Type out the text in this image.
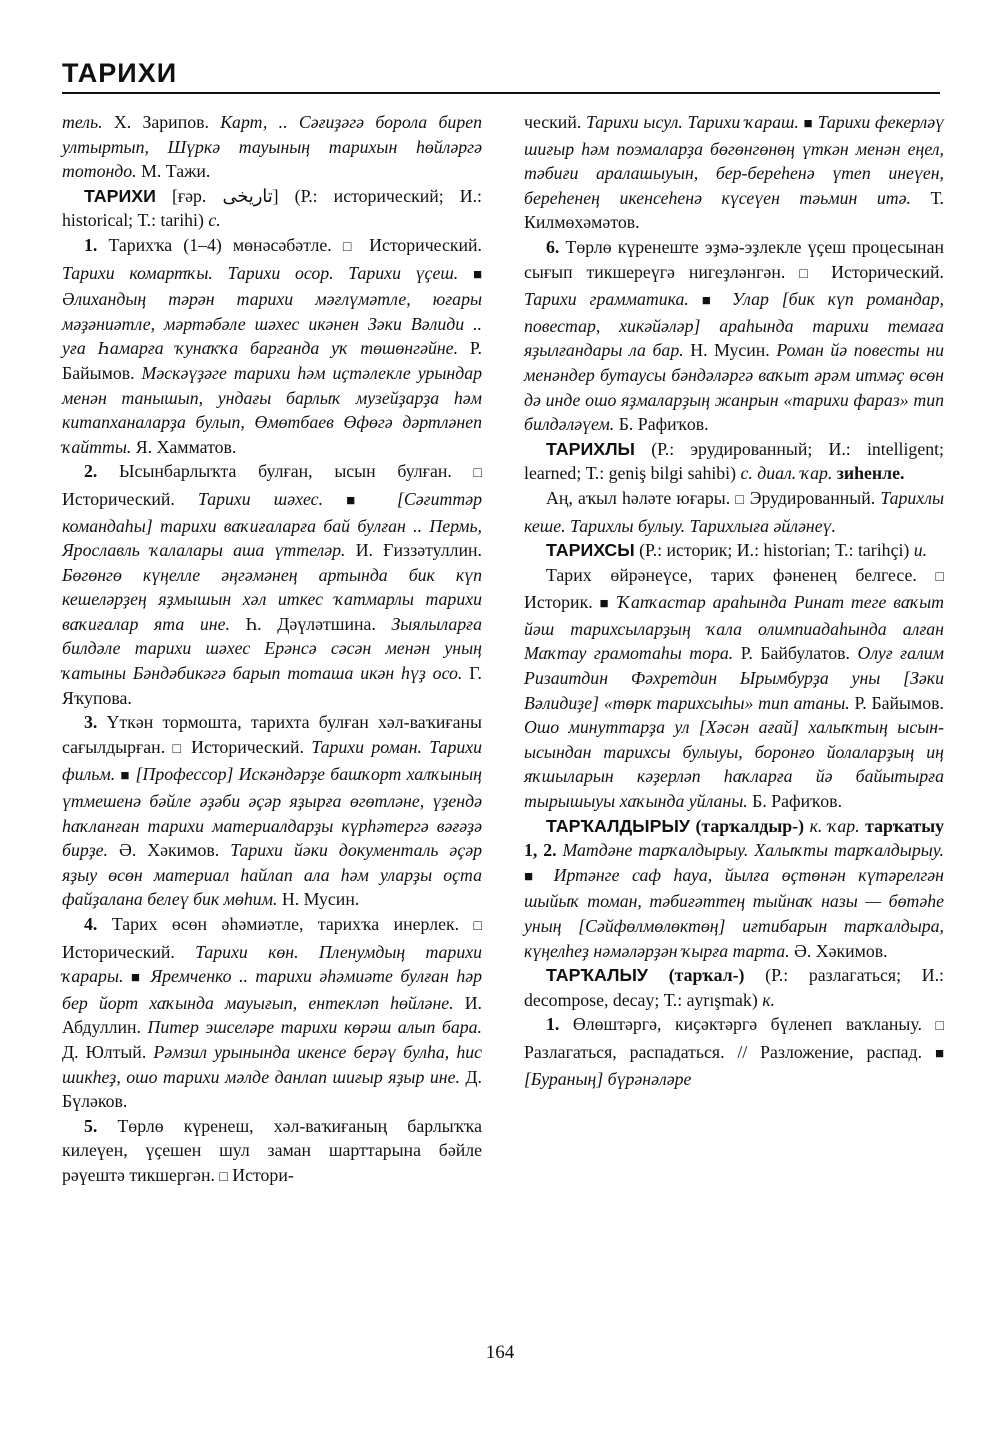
ТАРИХИ

тель. Х. Зарипов. Карт, .. Сәғиҙәгә борола биреп ултыртып, Шүркә тауының тарихын һөйләргә тотондо. М. Тажи.

ТАРИХИ [ғәр. تاريخى] (Р.: исторический; И.: historical; Т.: tarihi) с.

1. Тарихҡа (1–4) мөнәсәбәтле. □ Исторический. Тарихи комартҡы. Тарихи осор. Тарихи үҫеш. ■ Әлихандың тәрән тарихи мәғлүмәтле, юғары мәҙәниәтле, мәртәбәле шәхес икәнен Зәки Вәлиди .. уға Һамарға ҡунаҡҡа барғанда уҡ төшөнгәйне. Р. Байымов. Мәскәүҙәге тарихи һәм иҫтәлекле урындар менән танышып, ундағы барлыҡ музейҙарҙа һәм китапханаларҙа булып, Өмөтбаев Өфөгә дәртләнеп ҡайтты. Я. Хамматов.

2. Ысынбарлыҡта булған, ысын булған. □ Исторический. Тарихи шәхес. ■ [Сәғиттәр командаһы] тарихи ваҡиғаларға бай булған .. Пермь, Ярославль ҡалалары аша үттеләр. И. Ғиззәтуллин. Бөгөнгө күңелле әңгәмәнең артында бик күп кешеләрҙең яҙмышын хәл иткес ҡатмарлы тарихи ваҡиғалар ята ине. Һ. Дәүләтшина. Зыялыларға билдәле тарихи шәхес Ерәнсә сәсән менән уның ҡатыны Бәндәбикәгә барып тоташа икән һүҙ осо. Г. Яҡупова.

3. Үткән тормошта, тарихта булған хәл-ваҡиғаны сағылдырған. □ Исторический. Тарихи роман. Тарихи фильм. ■ [Профессор] Искәндәрҙе башҡорт халҡының үтмешенә бәйле әҙәби әҫәр яҙырға өгөтләне, үҙендә һаҡланған тарихи материалдарҙы күрһәтергә вәғәҙә бирҙе. Ә. Хәкимов. Тарихи йәки документаль әҫәр яҙыу өсөн материал һайлап ала һәм уларҙы оҫта файҙалана белеү бик мөһим. Н. Мусин.

4. Тарих өсөн әһәмиәтле, тарихҡа инерлек. □ Исторический. Тарихи көн. Пленумдың тарихи ҡарары. ■ Яремченко .. тарихи әһәмиәте булған һәр бер йорт хаҡында мауығып, ентекләп һөйләне. И. Абдуллин. Питер эшселәре тарихи көрәш алып бара. Д. Юлтый. Рәмзил урынында икенсе берәү булһа, һис шикһеҙ, ошо тарихи мәлде данлап шиғыр яҙыр ине. Д. Бүләков.

5. Төрлө күренеш, хәл-ваҡиғаның барлыҡҡа килеүен, үҫешен шул заман шарттарына бәйле рәүештә тикшергән. □ Истори-

ческий. Тарихи ысул. Тарихи ҡараш. ■ Тарихи фекерләү шиғыр һәм поэмаларҙа бөгөнгөнөң үткән менән еңел, тәбиғи аралашыуын, бер-береһенә үтеп инеүен, береһенең икенсеһенә күсеүен тәьмин итә. Т. Килмөхәмәтов.

6. Төрлө күренеште эҙмә-эҙлекле үҫеш процесынан сығып тикшереүгә нигеҙләнгән. □ Исторический. Тарихи грамматика. ■ Улар [бик күп романдар, повестар, хикәйәләр] араһында тарихи темаға яҙылғандары ла бар. Н. Мусин. Роман йә повесты ни менәндер бутаусы бәндәләргә ваҡыт әрәм итмәҫ өсөн дә инде ошо яҙмаларҙың жанрын «тарихи фараз» тип билдәләүем. Б. Рафиҡов.

ТАРИХЛЫ (Р.: эрудированный; И.: intelligent; learned; Т.: geniş bilgi sahibi) с. диал. ҡар. зиһенле.

Аң, аҡыл һәләте юғары. □ Эрудированный. Тарихлы кеше. Тарихлы булыу. Тарихлыға әйләнеү.

ТАРИХСЫ (Р.: историк; И.: historian; Т.: tarihçi) и.

Тарих өйрәнеүсе, тарих фәненең белгесе. □ Историк. ■ Ҡапҡастар араһында Ринат теге ваҡыт йәш тарихсыларҙың ҡала олимпиадаһында алған Маҡтау грамотаһы тора. Р. Байбулатов. Олуғ ғалим Ризаитдин Фәхретдин Ырымбурҙа уны [Зәки Вәлидиҙе] «төрк тарихсыһы» тип атаны. Р. Байымов. Ошо минуттарҙа ул [Хәсән ағай] халыҡтың ысын-ысындан тарихсы булыуы, боронғо йолаларҙың иң яҡшыларын кәҙерләп һаҡларға йә байытырға тырышыуы хаҡында уйланы. Б. Рафиҡов.

ТАРҠАЛДЫРЫУ (тарҡалдыр-) к. ҡар. тарҡатыу 1, 2. Матдәне тарҡалдырыу. Халыҡты тарҡалдырыу. ■ Иртәнге саф һауа, йылға өҫтөнән күтәрелгән шыйыҡ томан, тәбиғәттең тыйнаҡ назы — бөтәһе уның [Сәйфөлмөлөктөң] иғтибарын тарҡалдыра, күңелһеҙ нәмәләрҙән ҡырға тарта. Ә. Хәкимов.

ТАРҠАЛЫУ (тарҡал-) (Р.: разлагаться; И.: decompose, decay; Т.: ayrışmak) к.

1. Өлөштәргә, киҫәктәргә бүленеп ваҡланыу. □ Разлагаться, распадаться. // Разложение, распад. ■ [Бураның] бүрәнәләре

164
